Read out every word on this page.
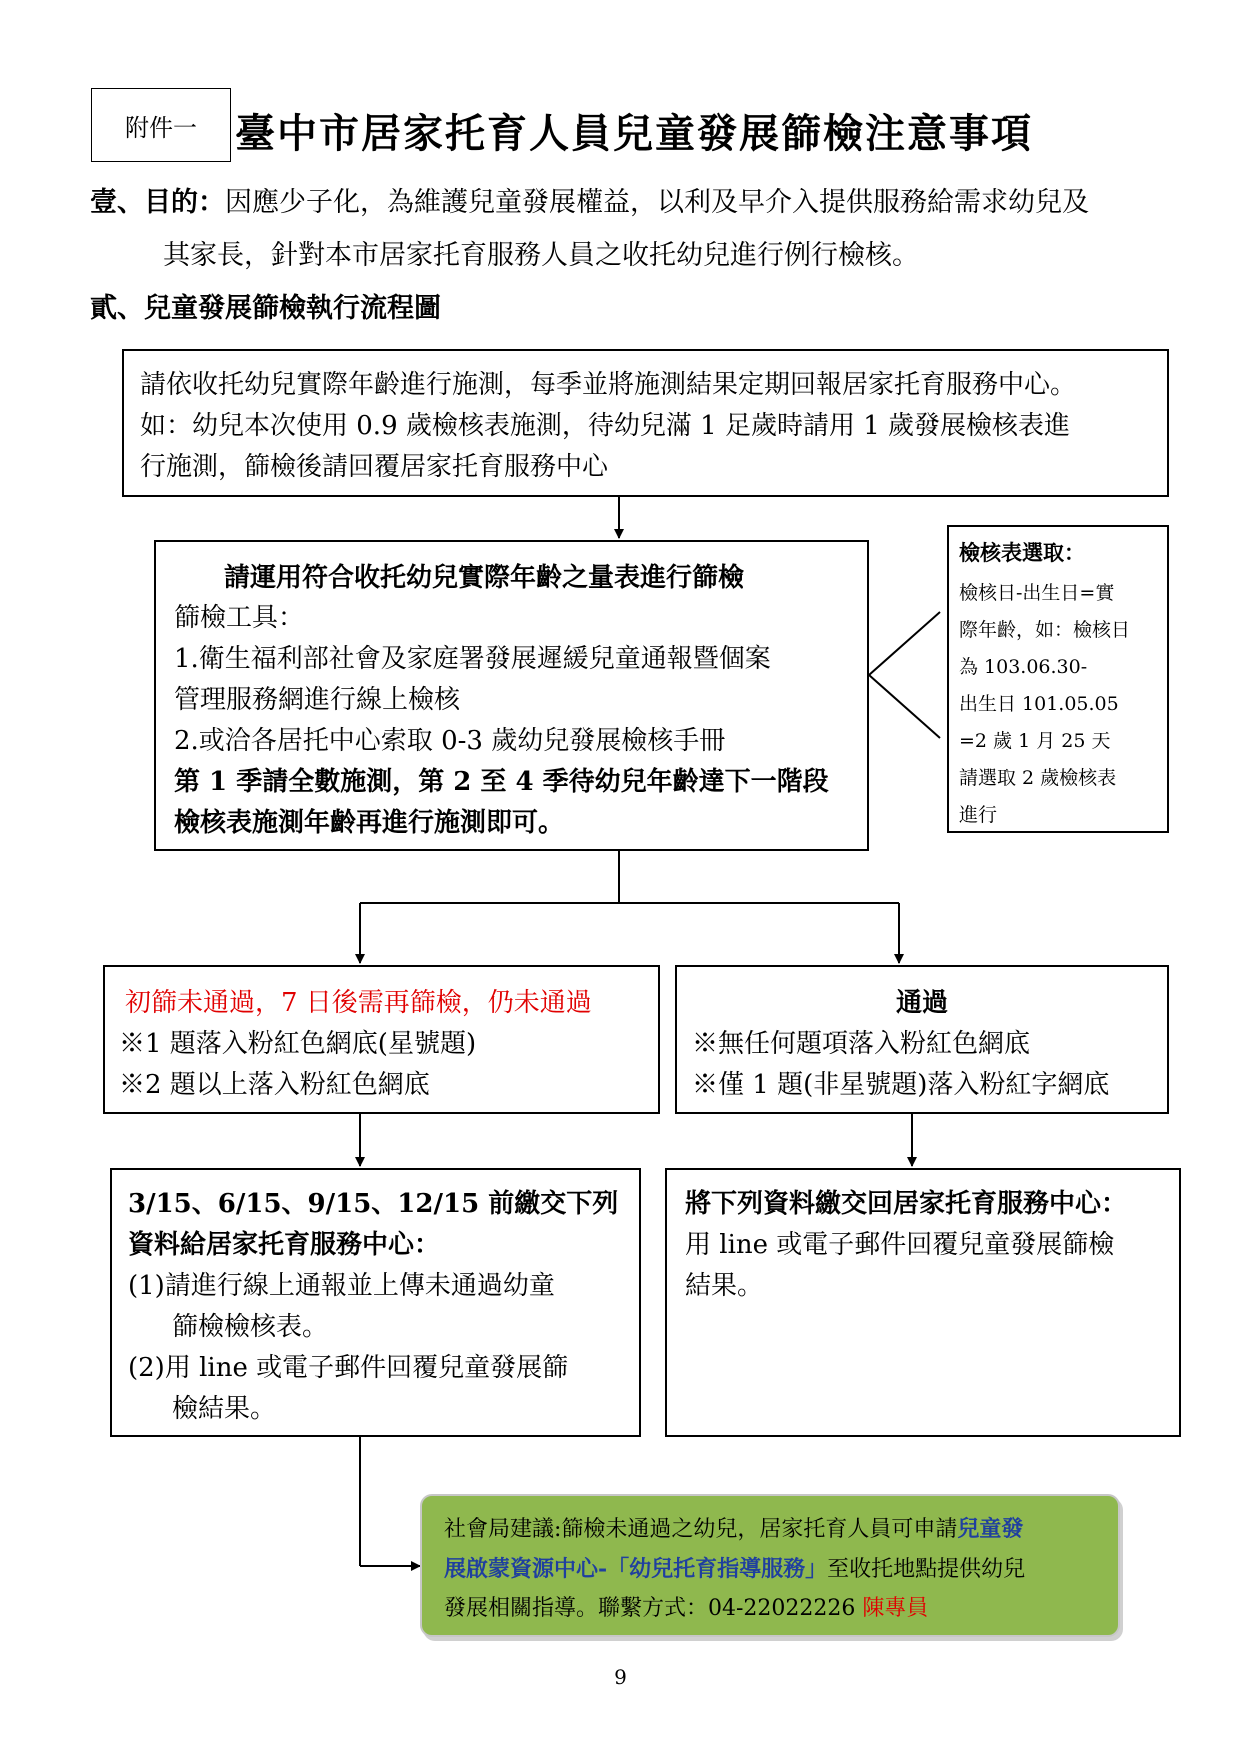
附件一 臺中市居家托育人員兒童發展篩檢注意事項
壹、目的：因應少子化，為維護兒童發展權益，以利及早介入提供服務給需求幼兒及
其家長，針對本市居家托育服務人員之收托幼兒進行例行檢核。
貳、兒童發展篩檢執行流程圖
請依收托幼兒實際年齡進行施測，每季並將施測結果定期回報居家托育服務中心。
如：幼兒本次使用 0.9 歲檢核表施測，待幼兒滿 1 足歲時請用 1 歲發展檢核表進
行施測，篩檢後請回覆居家托育服務中心
請運用符合收托幼兒實際年齡之量表進行篩檢
篩檢工具：
1.衛生福利部社會及家庭署發展遲緩兒童通報暨個案
管理服務網進行線上檢核
2.或洽各居托中心索取 0-3 歲幼兒發展檢核手冊
第 1 季請全數施測，第 2 至 4 季待幼兒年齡達下一階段
檢核表施測年齡再進行施測即可。
檢核表選取：
檢核日-出生日=實
際年齡，如：檢核日
為 103.06.30-
出生日 101.05.05
=2 歲 1 月 25 天
請選取 2 歲檢核表
進行
初篩未通過，7 日後需再篩檢，仍未通過
※1 題落入粉紅色網底(星號題)
※2 題以上落入粉紅色網底
通過
※無任何題項落入粉紅色網底
※僅 1 題(非星號題)落入粉紅字網底
3/15、6/15、9/15、12/15 前繳交下列
資料給居家托育服務中心：
(1)請進行線上通報並上傳未通過幼童
篩檢檢核表。
(2)用 line 或電子郵件回覆兒童發展篩
檢結果。
將下列資料繳交回居家托育服務中心：
用 line 或電子郵件回覆兒童發展篩檢
結果。
社會局建議:篩檢未通過之幼兒，居家托育人員可申請兒童發
展啟蒙資源中心-「幼兒托育指導服務」至收托地點提供幼兒
發展相關指導。聯繫方式：04-22022226 陳專員
9
